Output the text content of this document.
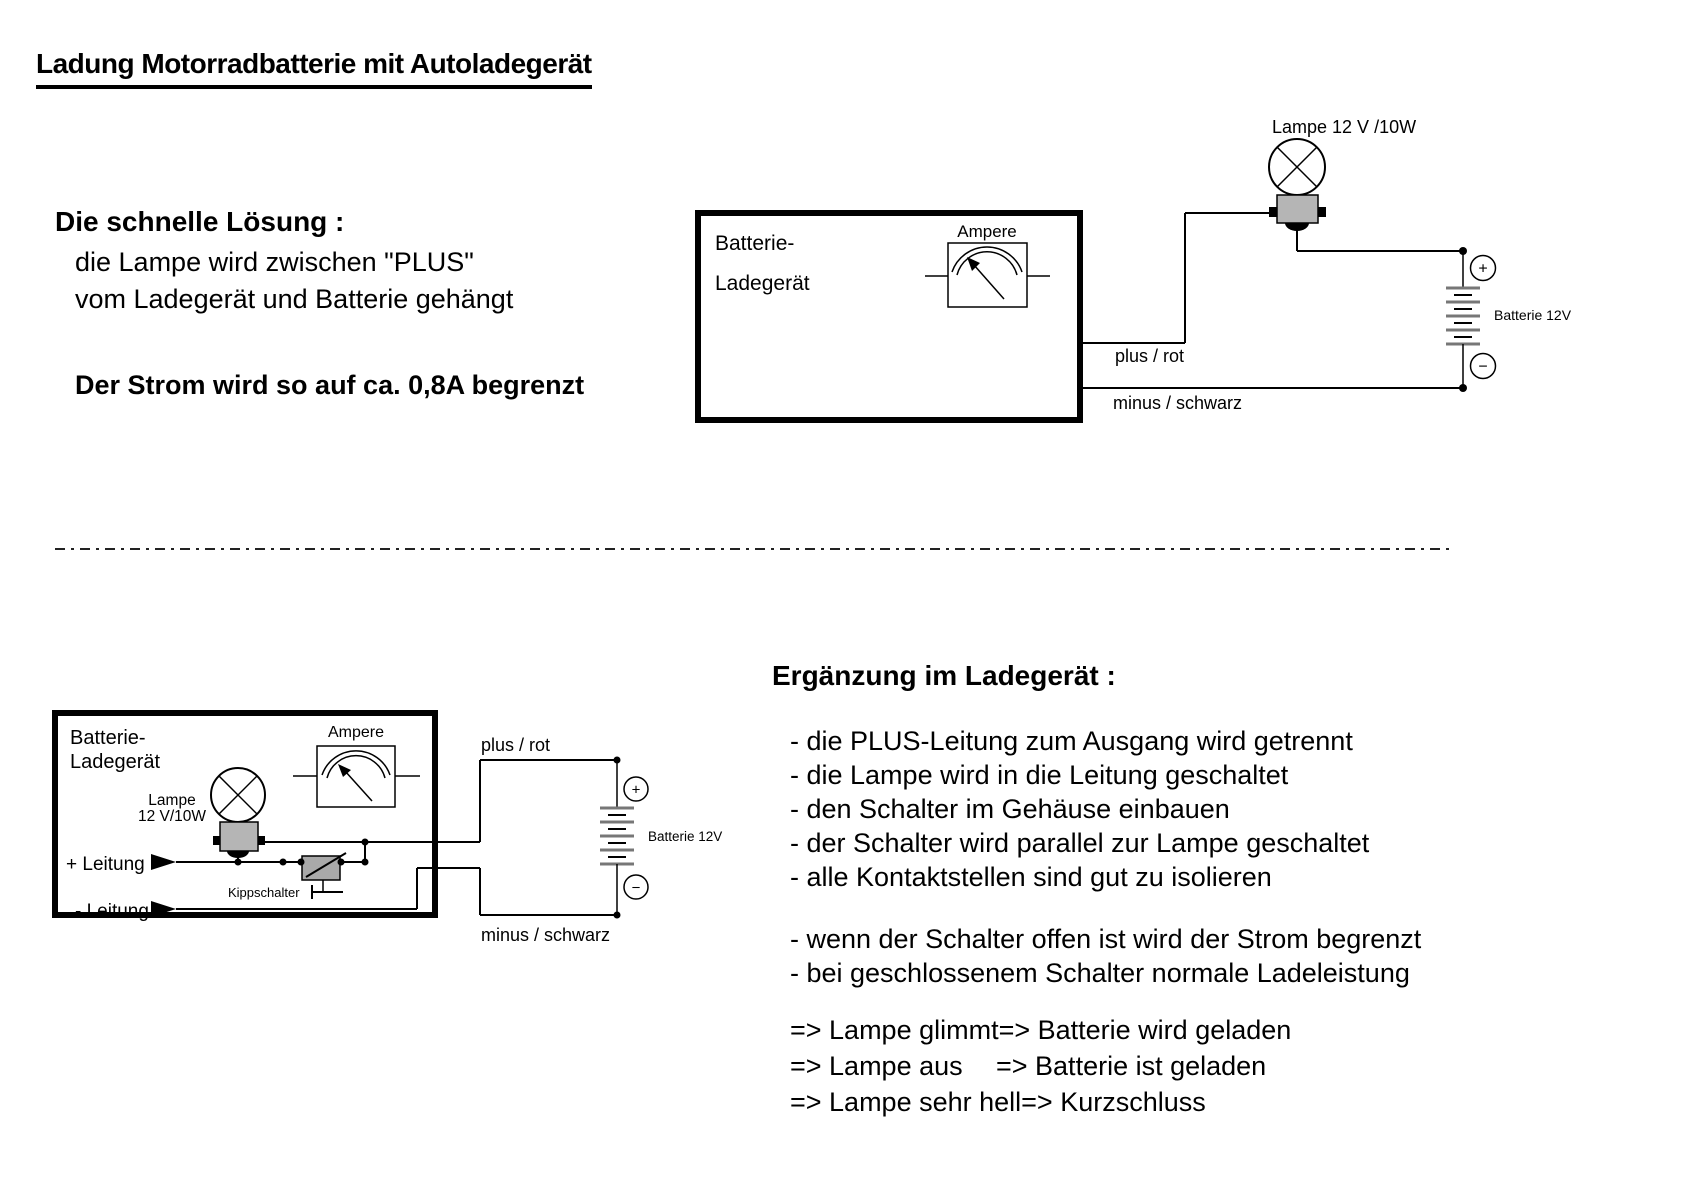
Ladung Motorradbatterie mit Autoladegerät
Die schnelle Lösung :
die Lampe wird zwischen "PLUS"
vom Ladegerät und Batterie gehängt
Der Strom wird so auf ca. 0,8A begrenzt
Batterie-
Ladegerät
Ampere
Lampe 12 V /10W
plus / rot
minus / schwarz
+
−
Batterie 12V
Batterie-
Ladegerät
Ampere
Lampe
12 V/10W
Kippschalter
+ Leitung
- Leitung
plus / rot
minus / schwarz
+
−
Batterie 12V
Ergänzung im Ladegerät :
- die PLUS-Leitung zum Ausgang wird getrennt
- die Lampe wird in die Leitung geschaltet
- den Schalter im Gehäuse einbauen
- der Schalter wird parallel zur Lampe geschaltet
- alle Kontaktstellen sind gut zu isolieren
- wenn der Schalter offen ist wird der Strom begrenzt
- bei geschlossenem Schalter normale Ladeleistung
=> Lampe glimmt=> Batterie wird geladen
=> Lampe aus => Batterie ist geladen
=> Lampe sehr hell=> Kurzschluss
